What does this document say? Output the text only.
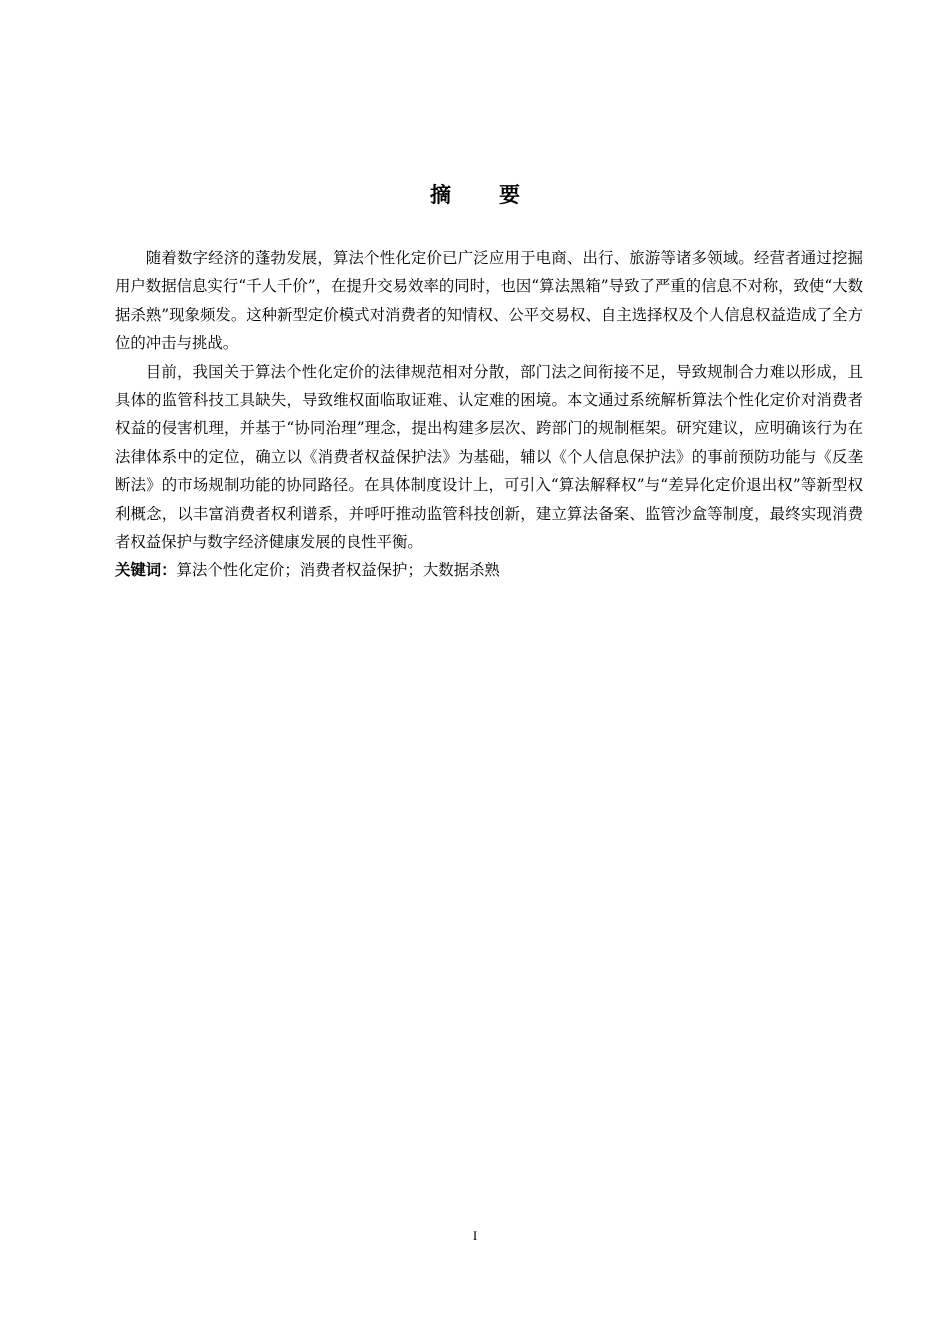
摘 要

随着数字经济的蓬勃发展，算法个性化定价已广泛应用于电商、出行、旅游等诸多领域。经营者通过挖掘用户数据信息实行“千人千价”，在提升交易效率的同时，也因“算法黑箱”导致了严重的信息不对称，致使“大数据杀熟”现象频发。这种新型定价模式对消费者的知情权、公平交易权、自主选择权及个人信息权益造成了全方位的冲击与挑战。

目前，我国关于算法个性化定价的法律规范相对分散，部门法之间衔接不足，导致规制合力难以形成，且具体的监管科技工具缺失，导致维权面临取证难、认定难的困境。本文通过系统解析算法个性化定价对消费者权益的侵害机理，并基于“协同治理”理念，提出构建多层次、跨部门的规制框架。研究建议，应明确该行为在法律体系中的定位，确立以《消费者权益保护法》为基础，辅以《个人信息保护法》的事前预防功能与《反垄断法》的市场规制功能的协同路径。在具体制度设计上，可引入“算法解释权”与“差异化定价退出权”等新型权利概念，以丰富消费者权利谱系，并呼吁推动监管科技创新，建立算法备案、监管沙盒等制度，最终实现消费者权益保护与数字经济健康发展的良性平衡。

关键词：算法个性化定价；消费者权益保护；大数据杀熟
I
